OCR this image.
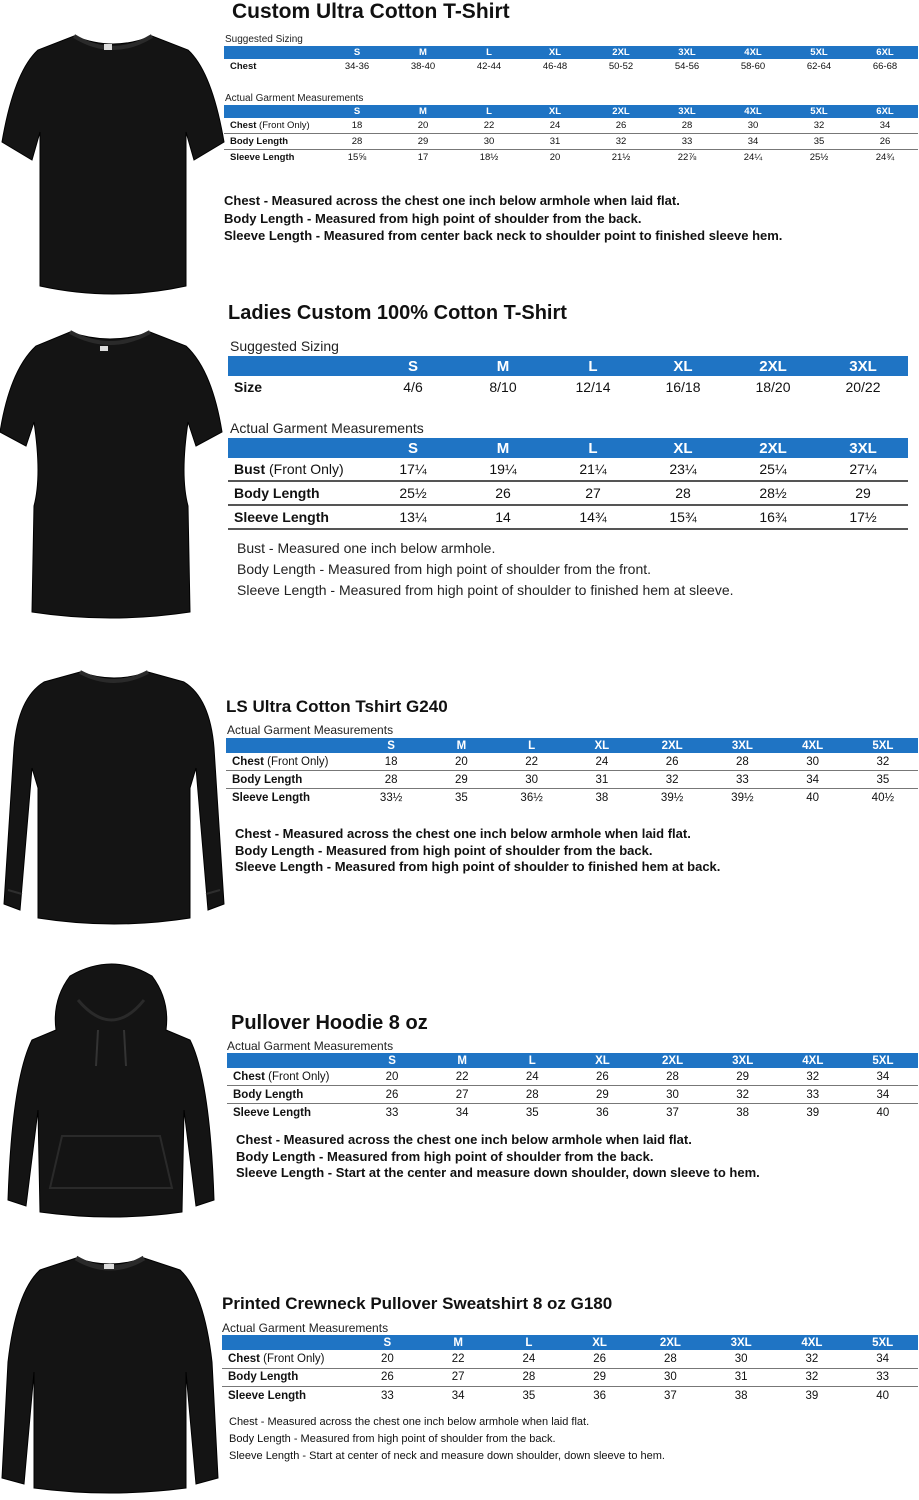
Custom Ultra Cotton T-Shirt
Suggested Sizing
	S	M	L	XL	2XL	3XL	4XL	5XL	6XL
Chest	34-36	38-40	42-44	46-48	50-52	54-56	58-60	62-64	66-68
Actual Garment Measurements
	S	M	L	XL	2XL	3XL	4XL	5XL	6XL
Chest (Front Only)	18	20	22	24	26	28	30	32	34
Body Length	28	29	30	31	32	33	34	35	26
Sleeve Length	15⅝	17	18½	20	21½	22⅞	24¼	25½	24¾
Chest - Measured across the chest one inch below armhole when laid flat.
Body Length - Measured from high point of shoulder from the back.
Sleeve Length - Measured from center back neck to shoulder point to finished sleeve hem.
Ladies Custom 100% Cotton T-Shirt
Suggested Sizing
	S	M	L	XL	2XL	3XL
Size	4/6	8/10	12/14	16/18	18/20	20/22
Actual Garment Measurements
	S	M	L	XL	2XL	3XL
Bust (Front Only)	17¼	19¼	21¼	23¼	25¼	27¼
Body Length	25½	26	27	28	28½	29
Sleeve Length	13¼	14	14¾	15¾	16¾	17½
Bust - Measured one inch below armhole.
Body Length - Measured from high point of shoulder from the front.
Sleeve Length - Measured from high point of shoulder to finished hem at sleeve.
LS Ultra Cotton Tshirt G240
Actual Garment Measurements
	S	M	L	XL	2XL	3XL	4XL	5XL
Chest (Front Only)	18	20	22	24	26	28	30	32
Body Length	28	29	30	31	32	33	34	35
Sleeve Length	33½	35	36½	38	39½	39½	40	40½
Chest - Measured across the chest one inch below armhole when laid flat.
Body Length - Measured from high point of shoulder from the back.
Sleeve Length - Measured from high point of shoulder to finished hem at back.
Pullover Hoodie 8 oz
Actual Garment Measurements
	S	M	L	XL	2XL	3XL	4XL	5XL
Chest (Front Only)	20	22	24	26	28	29	32	34
Body Length	26	27	28	29	30	32	33	34
Sleeve Length	33	34	35	36	37	38	39	40
Chest - Measured across the chest one inch below armhole when laid flat.
Body Length - Measured from high point of shoulder from the back.
Sleeve Length - Start at the center and measure down shoulder, down sleeve to hem.
Printed Crewneck Pullover Sweatshirt 8 oz G180
Actual Garment Measurements
	S	M	L	XL	2XL	3XL	4XL	5XL
Chest (Front Only)	20	22	24	26	28	30	32	34
Body Length	26	27	28	29	30	31	32	33
Sleeve Length	33	34	35	36	37	38	39	40
Chest - Measured across the chest one inch below armhole when laid flat.
Body Length - Measured from high point of shoulder from the back.
Sleeve Length - Start at center of neck and measure down shoulder, down sleeve to hem.
